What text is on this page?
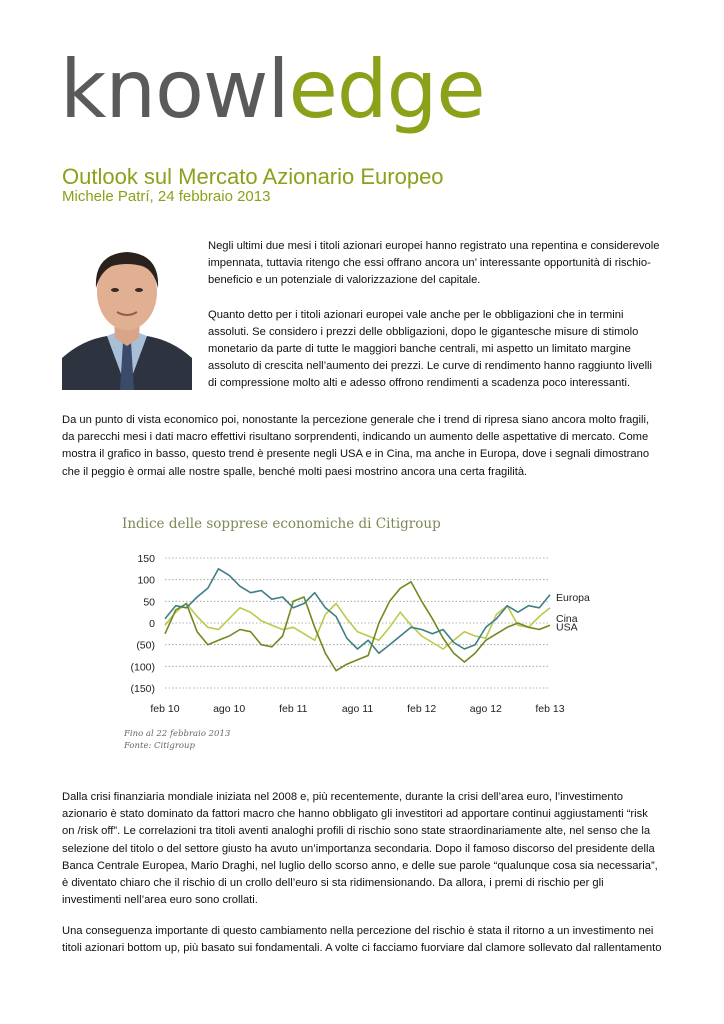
knowledge
Outlook sul Mercato Azionario Europeo
Michele Patrí, 24 febbraio 2013

Negli ultimi due mesi i titoli azionari europei hanno registrato una repentina e considerevole impennata, tuttavia ritengo che essi offrano ancora un’ interessante opportunità di rischio-beneficio e un potenziale di valorizzazione del capitale.

Quanto detto per i titoli azionari europei vale anche per le obbligazioni che in termini assoluti. Se considero i prezzi delle obbligazioni, dopo le gigantesche misure di stimolo monetario da parte di tutte le maggiori banche centrali, mi aspetto un limitato margine assoluto di crescita nell’aumento dei prezzi. Le curve di rendimento hanno raggiunto livelli di compressione molto alti e adesso offrono rendimenti a scadenza poco interessanti.

Da un punto di vista economico poi, nonostante la percezione generale che i trend di ripresa siano ancora molto fragili, da parecchi mesi i dati macro effettivi risultano sorprendenti, indicando un aumento delle aspettative di mercato. Come mostra il grafico in basso, questo trend è presente negli USA e in Cina, ma anche in Europa, dove i segnali dimostrano che il peggio è ormai alle nostre spalle, benché molti paesi mostrino ancora una certa fragilità.

Indice delle sopprese economiche di Citigroup
150
100
50
0
(50)
(100)
(150)
feb 10	ago 10	feb 11	ago 11	feb 12	ago 12	feb 13
Europa
Cina
USA
Fino al 22 febbraio 2013
Fonte: Citigroup

Dalla crisi finanziaria mondiale iniziata nel 2008 e, più recentemente, durante la crisi dell’area euro, l’investimento azionario è stato dominato da fattori macro che hanno obbligato gli investitori ad apportare continui aggiustamenti “risk on /risk off”. Le correlazioni tra titoli aventi analoghi profili di rischio sono state straordinariamente alte, nel senso che la selezione del titolo o del settore giusto ha avuto un’importanza secondaria. Dopo il famoso discorso del presidente della Banca Centrale Europea, Mario Draghi, nel luglio dello scorso anno, e delle sue parole “qualunque cosa sia necessaria”, è diventato chiaro che il rischio di un crollo dell’euro si sta ridimensionando. Da allora, i premi di rischio per gli investimenti nell’area euro sono crollati.

Una conseguenza importante di questo cambiamento nella percezione del rischio è stata il ritorno a un investimento nei titoli azionari bottom up, più basato sui fondamentali. A volte ci facciamo fuorviare dal clamore sollevato dal rallentamento
